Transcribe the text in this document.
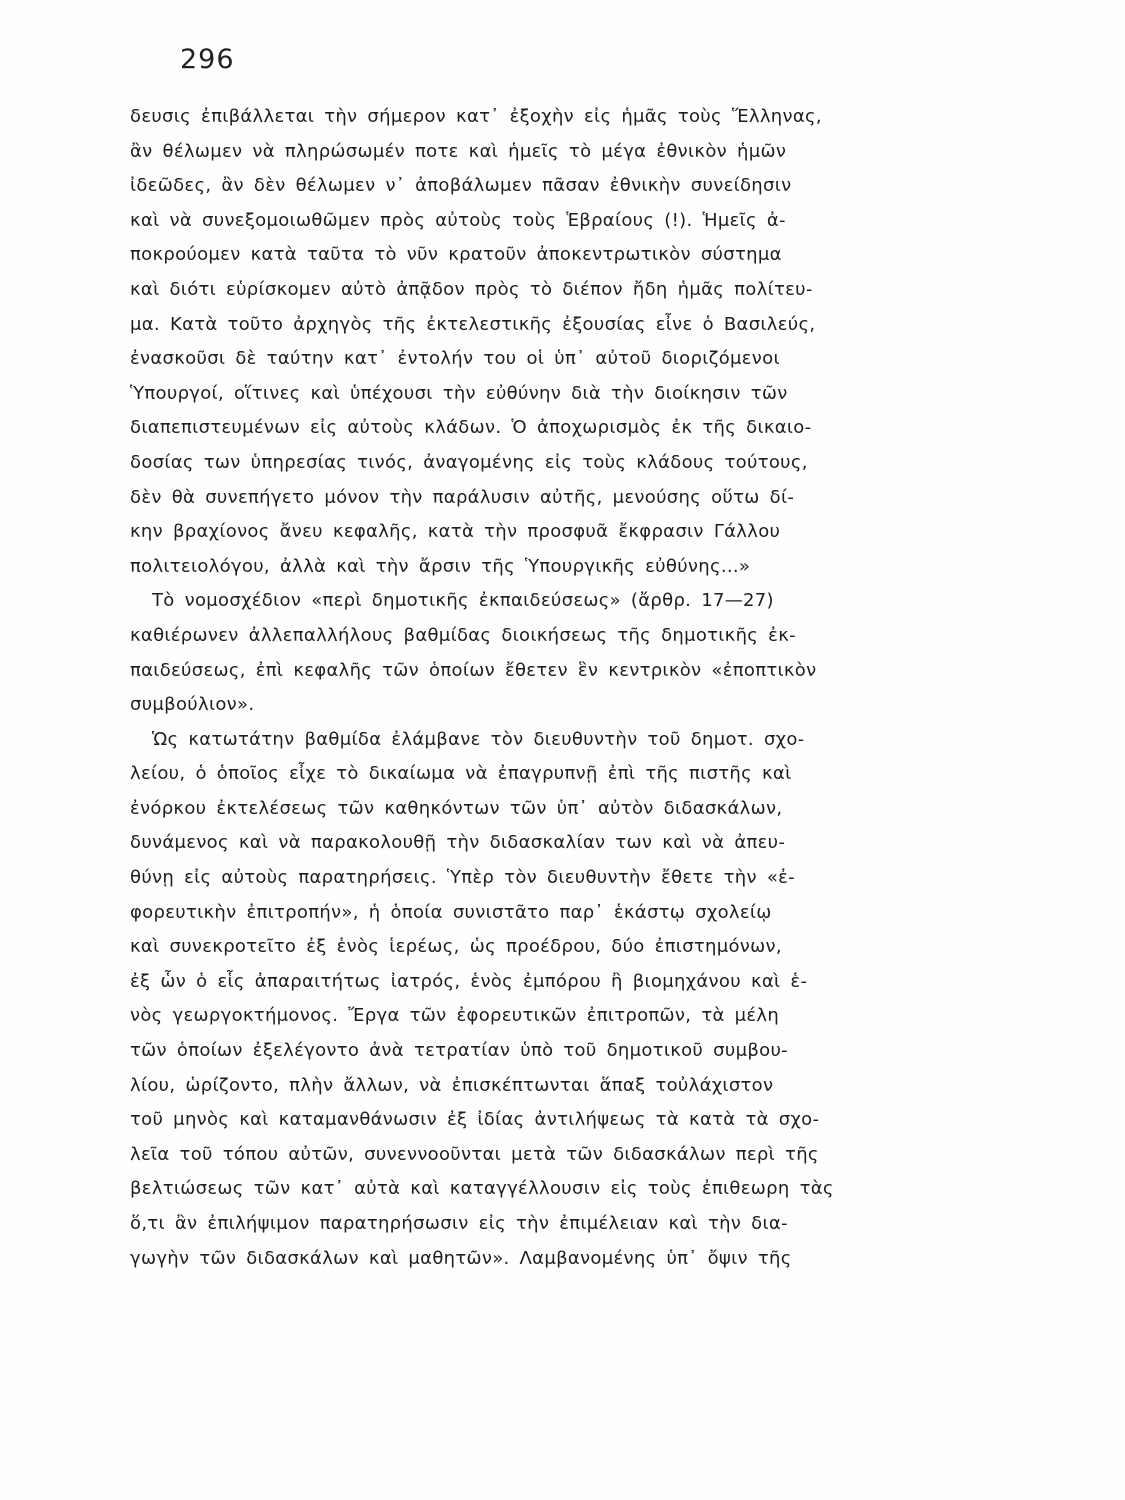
296
δευσις ἐπιβάλλεται τὴν σήμερον κατ᾽ ἐξοχὴν εἰς ἡμᾶς τοὺς Ἕλληνας,
ἂν θέλωμεν νὰ πληρώσωμέν ποτε καὶ ἡμεῖς τὸ μέγα ἐθνικὸν ἡμῶν
ἰδεῶδες, ἂν δὲν θέλωμεν ν᾽ ἀποβάλωμεν πᾶσαν ἐθνικὴν συνείδησιν
καὶ νὰ συνεξομοιωθῶμεν πρὸς αὐτοὺς τοὺς Ἑβραίους (!). Ἡμεῖς ἀ-
ποκρούομεν κατὰ ταῦτα τὸ νῦν κρατοῦν ἀποκεντρωτικὸν σύστημα
καὶ διότι εὑρίσκομεν αὐτὸ ἀπᾷδον πρὸς τὸ διέπον ἤδη ἡμᾶς πολίτευ-
μα. Κατὰ τοῦτο ἀρχηγὸς τῆς ἐκτελεστικῆς ἐξουσίας εἶνε ὁ Βασιλεύς,
ἐνασκοῦσι δὲ ταύτην κατ᾽ ἐντολήν του οἱ ὑπ᾽ αὐτοῦ διοριζόμενοι
Ὑπουργοί, οἵτινες καὶ ὑπέχουσι τὴν εὐθύνην διὰ τὴν διοίκησιν τῶν
διαπεπιστευμένων εἰς αὐτοὺς κλάδων. Ὁ ἀποχωρισμὸς ἐκ τῆς δικαιο-
δοσίας των ὑπηρεσίας τινός, ἀναγομένης εἰς τοὺς κλάδους τούτους,
δὲν θὰ συνεπήγετο μόνον τὴν παράλυσιν αὐτῆς, μενούσης οὕτω δί-
κην βραχίονος ἄνευ κεφαλῆς, κατὰ τὴν προσφυᾶ ἔκφρασιν Γάλλου
πολιτειολόγου, ἀλλὰ καὶ τὴν ἄρσιν τῆς Ὑπουργικῆς εὐθύνης...»
Τὸ νομοσχέδιον «περὶ δημοτικῆς ἐκπαιδεύσεως» (ἄρθρ. 17—27)
καθιέρωνεν ἀλλεπαλλήλους βαθμίδας διοικήσεως τῆς δημοτικῆς ἐκ-
παιδεύσεως, ἐπὶ κεφαλῆς τῶν ὁποίων ἔθετεν ἓν κεντρικὸν «ἐποπτικὸν
συμβούλιον».
Ὡς κατωτάτην βαθμίδα ἐλάμβανε τὸν διευθυντὴν τοῦ δημοτ. σχο-
λείου, ὁ ὁποῖος εἶχε τὸ δικαίωμα νὰ ἐπαγρυπνῇ ἐπὶ τῆς πιστῆς καὶ
ἐνόρκου ἐκτελέσεως τῶν καθηκόντων τῶν ὑπ᾽ αὐτὸν διδασκάλων,
δυνάμενος καὶ νὰ παρακολουθῇ τὴν διδασκαλίαν των καὶ νὰ ἀπευ-
θύνῃ εἰς αὐτοὺς παρατηρήσεις. Ὑπὲρ τὸν διευθυντὴν ἔθετε τὴν «ἐ-
φορευτικὴν ἐπιτροπήν», ἡ ὁποία συνιστᾶτο παρ᾽ ἑκάστῳ σχολείῳ
καὶ συνεκροτεῖτο ἐξ ἑνὸς ἱερέως, ὡς προέδρου, δύο ἐπιστημόνων,
ἐξ ὧν ὁ εἷς ἀπαραιτήτως ἰατρός, ἑνὸς ἐμπόρου ἢ βιομηχάνου καὶ ἑ-
νὸς γεωργοκτήμονος. Ἔργα τῶν ἐφορευτικῶν ἐπιτροπῶν, τὰ μέλη
τῶν ὁποίων ἐξελέγοντο ἀνὰ τετρατίαν ὑπὸ τοῦ δημοτικοῦ συμβου-
λίου, ὡρίζοντο, πλὴν ἄλλων, νὰ ἐπισκέπτωνται ἅπαξ τοὐλάχιστον
τοῦ μηνὸς καὶ καταμανθάνωσιν ἐξ ἰδίας ἀντιλήψεως τὰ κατὰ τὰ σχο-
λεῖα τοῦ τόπου αὐτῶν, συνεννοοῦνται μετὰ τῶν διδασκάλων περὶ τῆς
βελτιώσεως τῶν κατ᾽ αὐτὰ καὶ καταγγέλλουσιν εἰς τοὺς ἐπιθεωρη τὰς
ὅ,τι ἂν ἐπιλήψιμον παρατηρήσωσιν εἰς τὴν ἐπιμέλειαν καὶ τὴν δια-
γωγὴν τῶν διδασκάλων καὶ μαθητῶν». Λαμβανομένης ὑπ᾽ ὄψιν τῆς
